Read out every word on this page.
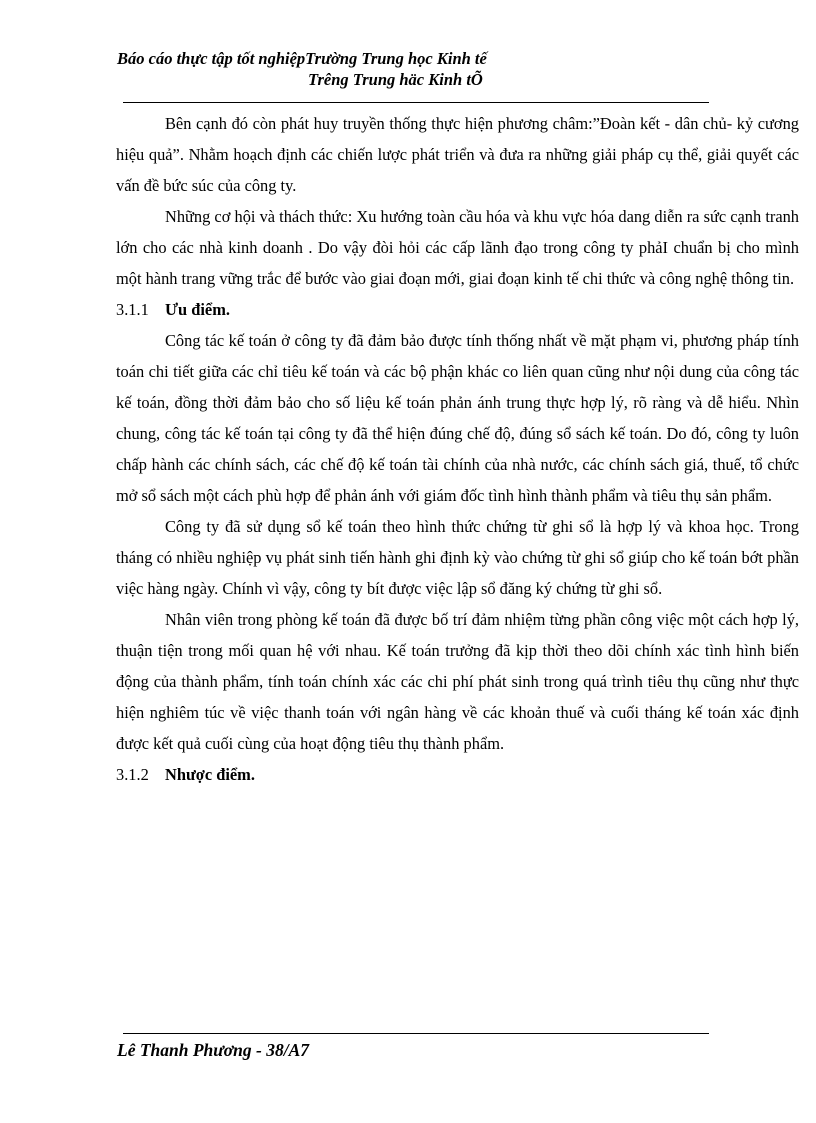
Báo cáo thực tập tốt nghiệpTrường Trung học Kinh tế
Trêng Trung häc Kinh tÕ

Bên cạnh đó còn phát huy truyền thống thực hiện phương châm:”Đoàn kết - dân chủ- kỷ cương hiệu quả”. Nhằm hoạch định các chiến lược phát triển và đưa ra những giải pháp cụ thể, giải quyết các vấn đề bức súc của công ty.

Những cơ hội và thách thức: Xu hướng toàn cầu hóa và khu vực hóa dang diễn ra sức cạnh tranh lớn cho các nhà kinh doanh . Do vậy đòi hỏi các cấp lãnh đạo trong công ty phảI chuẩn bị cho mình một hành trang vững trắc để bước vào giai đoạn mới, giai đoạn kinh tế chi thức và công nghệ thông tin.

3.1.1 Ưu điểm.

Công tác kế toán ở công ty đã đảm bảo được tính thống nhất về mặt phạm vi, phương pháp tính toán chi tiết giữa các chỉ tiêu kế toán và các bộ phận khác co liên quan cũng như nội dung của công tác kế toán, đồng thời đảm bảo cho số liệu kế toán phản ánh trung thực hợp lý, rõ ràng và dễ hiểu. Nhìn chung, công tác kế toán tại công ty đã thể hiện đúng chế độ, đúng sổ sách kế toán. Do đó, công ty luôn chấp hành các chính sách, các chế độ kế toán tài chính của nhà nước, các chính sách giá, thuế, tổ chức mở sổ sách một cách phù hợp để phản ánh với giám đốc tình hình thành phẩm và tiêu thụ sản phẩm.

Công ty đã sử dụng sổ kế toán theo hình thức chứng từ ghi sổ là hợp lý và khoa học. Trong tháng có nhiều nghiệp vụ phát sinh tiến hành ghi định kỳ vào chứng từ ghi sổ giúp cho kế toán bớt phần việc hàng ngày. Chính vì vậy, công ty bít được việc lập sổ đăng ký chứng từ ghi sổ.

Nhân viên trong phòng kế toán đã được bố trí đảm nhiệm từng phần công việc một cách hợp lý, thuận tiện trong mối quan hệ với nhau. Kế toán trưởng đã kịp thời theo dõi chính xác tình hình biến động của thành phẩm, tính toán chính xác các chi phí phát sinh trong quá trình tiêu thụ cũng như thực hiện nghiêm túc về việc thanh toán với ngân hàng về các khoản thuế và cuối tháng kế toán xác định được kết quả cuối cùng của hoạt động tiêu thụ thành phẩm.

3.1.2 Nhược điểm.
Lê Thanh Phương - 38/A7
